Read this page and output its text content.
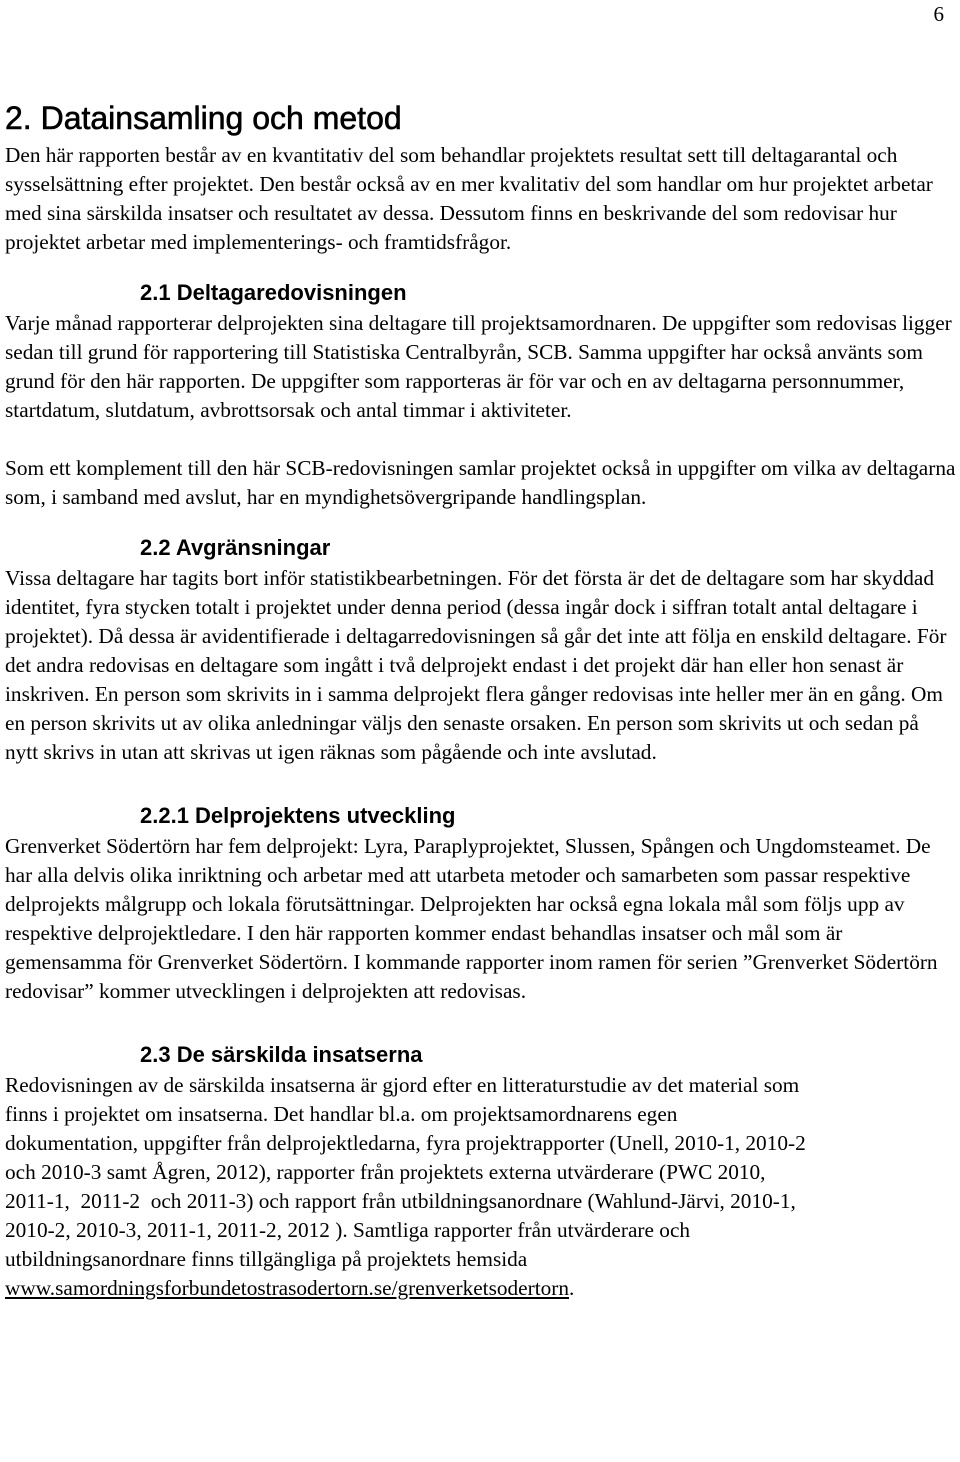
6
2. Datainsamling och metod

Den här rapporten består av en kvantitativ del som behandlar projektets resultat sett till deltagarantal och sysselsättning efter projektet. Den består också av en mer kvalitativ del som handlar om hur projektet arbetar med sina särskilda insatser och resultatet av dessa. Dessutom finns en beskrivande del som redovisar hur projektet arbetar med implementerings- och framtidsfrågor.

2.1 Deltagaredovisningen

Varje månad rapporterar delprojekten sina deltagare till projektsamordnaren. De uppgifter som redovisas ligger sedan till grund för rapportering till Statistiska Centralbyrån, SCB. Samma uppgifter har också använts som grund för den här rapporten. De uppgifter som rapporteras är för var och en av deltagarna personnummer, startdatum, slutdatum, avbrottsorsak och antal timmar i aktiviteter.

Som ett komplement till den här SCB-redovisningen samlar projektet också in uppgifter om vilka av deltagarna som, i samband med avslut, har en myndighetsövergripande handlingsplan.

2.2 Avgränsningar

Vissa deltagare har tagits bort inför statistikbearbetningen. För det första är det de deltagare som har skyddad identitet, fyra stycken totalt i projektet under denna period (dessa ingår dock i siffran totalt antal deltagare i projektet). Då dessa är avidentifierade i deltagarredovisningen så går det inte att följa en enskild deltagare. För det andra redovisas en deltagare som ingått i två delprojekt endast i det projekt där han eller hon senast är inskriven. En person som skrivits in i samma delprojekt flera gånger redovisas inte heller mer än en gång. Om en person skrivits ut av olika anledningar väljs den senaste orsaken. En person som skrivits ut och sedan på nytt skrivs in utan att skrivas ut igen räknas som pågående och inte avslutad.

2.2.1 Delprojektens utveckling

Grenverket Södertörn har fem delprojekt: Lyra, Paraplyprojektet, Slussen, Spången och Ungdomsteamet. De har alla delvis olika inriktning och arbetar med att utarbeta metoder och samarbeten som passar respektive delprojekts målgrupp och lokala förutsättningar. Delprojekten har också egna lokala mål som följs upp av respektive delprojektledare. I den här rapporten kommer endast behandlas insatser och mål som är gemensamma för Grenverket Södertörn. I kommande rapporter inom ramen för serien ”Grenverket Södertörn redovisar” kommer utvecklingen i delprojekten att redovisas.

2.3 De särskilda insatserna

Redovisningen av de särskilda insatserna är gjord efter en litteraturstudie av det material som
finns i projektet om insatserna. Det handlar bl.a. om projektsamordnarens egen
dokumentation, uppgifter från delprojektledarna, fyra projektrapporter (Unell, 2010-1, 2010-2
och 2010-3 samt Ågren, 2012), rapporter från projektets externa utvärderare (PWC 2010,
2011-1,  2011-2  och 2011-3) och rapport från utbildningsanordnare (Wahlund-Järvi, 2010-1,
2010-2, 2010-3, 2011-1, 2011-2, 2012 ). Samtliga rapporter från utvärderare och
utbildningsanordnare finns tillgängliga på projektets hemsida
www.samordningsforbundetostrasodertorn.se/grenverketsodertorn.
